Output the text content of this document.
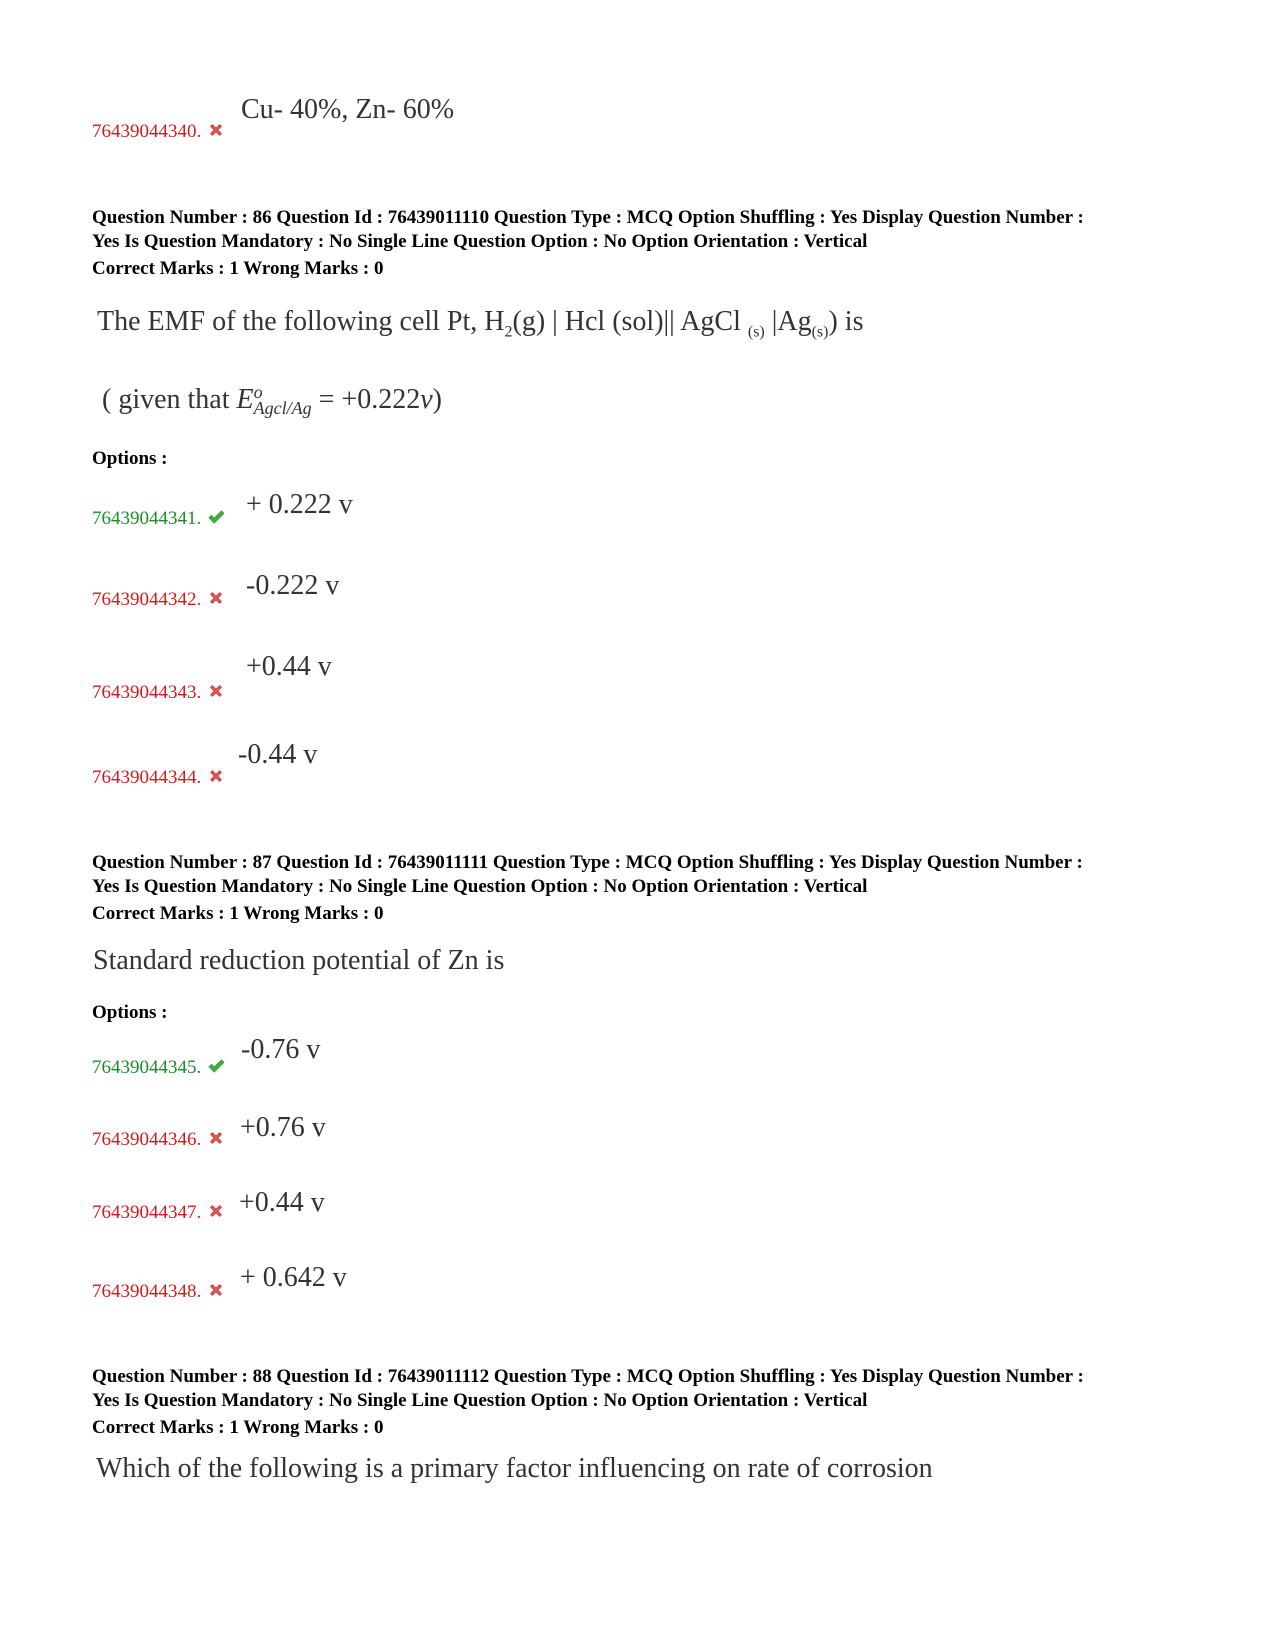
Cu- 40%, Zn- 60%
76439044340.
Question Number : 86 Question Id : 76439011110 Question Type : MCQ Option Shuffling : Yes Display Question Number :
Yes Is Question Mandatory : No Single Line Question Option : No Option Orientation : Vertical
Correct Marks : 1 Wrong Marks : 0
The EMF of the following cell Pt, $H_2(g)$ | Hcl (sol)|| AgCl $_{(s)}$ $|Ag_{(s)}$) is
( given that E o
Agcl/Ag = +0.222v)
Options :
+ 0.222 v
76439044341.
-0.222 v
76439044342.
+0.44 v
76439044343.
-0.44 v
76439044344.
Question Number : 87 Question Id : 76439011111 Question Type : MCQ Option Shuffling : Yes Display Question Number :
Yes Is Question Mandatory : No Single Line Question Option : No Option Orientation : Vertical
Correct Marks : 1 Wrong Marks : 0
Standard reduction potential of Zn is
Options :
-0.76 v
76439044345.
+0.76 v
76439044346.
+0.44 v
76439044347.
+ 0.642 v
76439044348.
Question Number : 88 Question Id : 76439011112 Question Type : MCQ Option Shuffling : Yes Display Question Number :
Yes Is Question Mandatory : No Single Line Question Option : No Option Orientation : Vertical
Correct Marks : 1 Wrong Marks : 0
Which of the following is a primary factor influencing on rate of corrosion
